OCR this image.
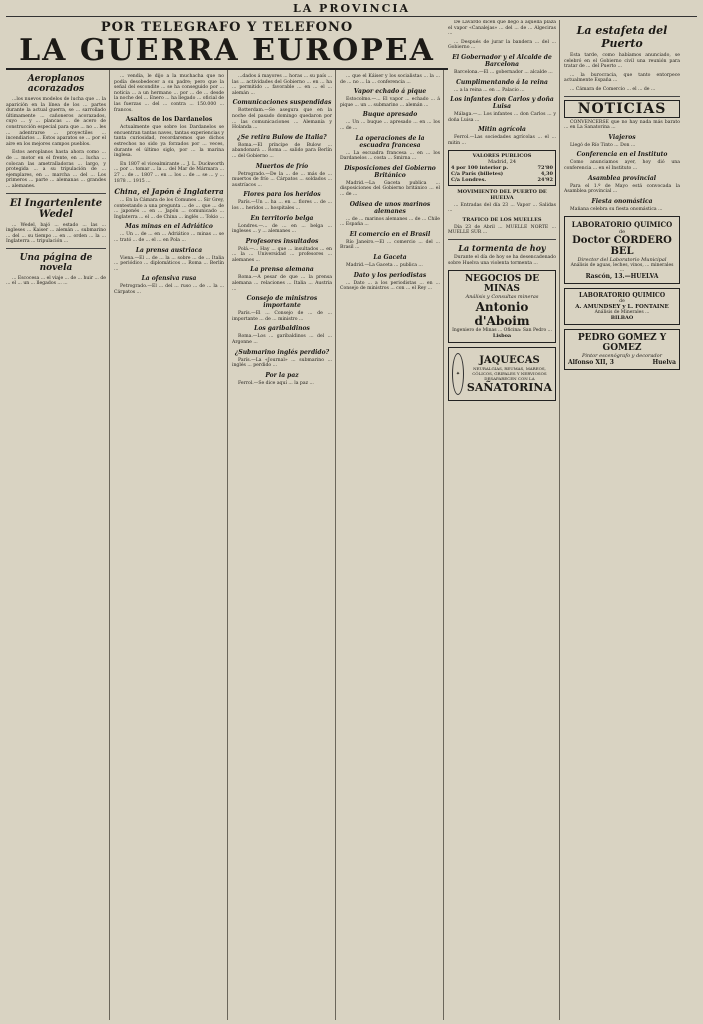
LA PROVINCIA
POR TELEGRAFO Y TELEFONO
LA GUERRA EUROPEA
Aeroplanos acorazados

...los nuevos modelos de lucha que ... la aparición en la línea de los ... partes durante la actual guerra, se ... sarrollado últimamente ... cañoneros acorazados, cuyo ... y ... plancas ... de acero de construcción especial para que ... no ... les ... adentrarse ... proyectiles ... incendiarios ... Estos aparatos se ... por el aire en los mejores campos pueblos.

Estos aeroplanos hasta ahora como ... de ... motor en el frente, en ... lucha ... colocan las ametralladoras ... largo, y protegida ... a su tripulación de ... ejemplares, en ... marcha ... del ... Los primeros ... parte ... alemanas ... grandes ... alemanes.

El Ingartenlente Wedel

... Wedel, bajó ... estado ... las ... ingleses ... Kaiser ... alemán ... submarino ... del ... su tiempo ... en ... orden ... la ... Inglaterra ... tripulación ...

Una página de novela

... Escocesa ... el viaje ... de ... huir ... de ... el ... un ... llegados ... ...

... vendía, le dijo a la muchacha que no podía desobedecer a su padre; pero que la señal del escondite ... se ha conseguido por ... noticia ... a un hermano ... por ... de ... desde la noche del ... Enero ... ha llegado ... oficial de las fuerzas ... del ... contra ... 150.000 ... francos.

Asaltos de los Dardanelos

Actualmente que sobre los Dardanelos se encuentran tantas naves, tantas experiencias y tanta curiosidad, recordaremos que dichos estrechos no sido ya forzados por ... veces, durante el último siglo, por ... la marina inglesa.

En 1807 el vicealmirante ... J. L. Duckworth ... por ... tomar ... la ... del Mar de Mármara ... 27 ... de ... 1807 ... en ... los ... de ... se ... y ... 1878 ... 1915 ...

China, el Japón é Inglaterra

... En la Cámara de los Comunes ... Sir Grey, contestando a una pregunta ... de ... que ... de ... japonés ... en ... Japón ... comunicado ... Inglaterra ... el ... de China ... inglés ... Tokio ...

Mas minas en el Adriático

... Un ... de ... en ... Adriático ... minas ... se ... trató ... de ... el ... en Pola ...

La prensa austriaca

Viena.—El ... de ... la ... sobre ... de ... Italia ... periódico ... diplomáticos ... Roma ... Berlín ...

La ofensiva rusa

Petrogrado.—El ... del ... ruso ... de ... la ... Cárpatos ...

...dados á mayores ... horas ... su país ... las ... actividades del Gobierno ... en ... ha ... permitido ... favorable ... en ... el ... alemán ...

Comunicaciones suspendidas

Rotterdam.—Se asegura que en la noche del pasado domingo quedaron por ... las comunicaciones ... Alemania y Holanda ...

¿Se retira Bulow de Italia?

Roma.—El príncipe de Bulow ... abandonará ... Roma ... salido para Berlín ... del Gobierno ...

Muertos de frío

Petrogrado.—De la ... de ... más de ... muertos de frío ... Cárpatos ... soldados ... austríacos ...

Flores para los heridos

París.—Un ... ha ... en ... flores ... de ... los ... heridos ... hospitales ...

En territorio belga

Londres.—... de ... en ... belga ... ingleses ... y ... alemanes ...

Profesores insultados

Polá.—... Hay ... que ... insultados ... en ... la ... Universidad ... profesores ... alemanes ...

La prensa alemana

Roma.—A pesar de que ... la prensa alemana ... relaciones ... Italia ... Austria ...

Consejo de ministros importante

París.—El ... Consejo de ... de ... importante ... de ... ministro ...

Los garibaldinos

Roma.—Los ... garibaldinos ... del ... Argonne ...

¿Submarino inglés perdido?

París.—La «Journal» ... submarino ... inglés ... perdido ...

Por la paz

Ferrol.—Se dice aquí ... la paz ...

... que el Káiser y los socialistas ... la ... de ... no ... la ... conferencia ...

Vapor echado á pique

Estocolmo.—... El vapor ... echado ... á pique ... un ... submarino ... alemán ...

Buque apresado

... Un ... buque ... apresado ... en ... los ... de ...

La operaciones de la escuadra francesa

... La escuadra francesa ... en ... los Dardanelos ... costa ... Smirna ...

Disposiciones del Gobierno Británico

Madrid.—La Gaceta publica ... disposiciones del Gobierno británico ... el ... de ...

Odisea de unos marinos alemanes

... de ... marinos alemanes ... de ... Chile ... España ...

El comercio en el Brasil

Río Janeiro.—El ... comercio ... del ... Brasil ...

La Gaceta

Madrid.—La Gaceta ... publica ...

Dato y los periodistas

... Dato ... a los periodistas ... en ... Consejo de ministros ... con ... el Rey ...

De Lavardo dicen que llegó á aquella plaza el vapor «Canalejas» ... del ... de ... Algeciras ...

... Después de jurar la bandera ... del ... Gobierno ...

El Gobernador y el Alcalde de Barcelona

Barcelona.—El ... gobernador ... alcalde ...

Cumplimentando á la reina

... a la reina ... en ... Palacio ...

Los infantes don Carlos y doña Luisa

Málaga.—... Los infantes ... don Carlos ... y doña Luisa ...

Mitin agrícola

Ferrol.—Las sociedades agrícolas ... el ... mitin ...

VALORES PUBLICOS
Madrid, 24
4 por 100 interior p.	72'80
C/a París (billetes)	4,30
C/a Londres.	24'92
MOVIMIENTO DEL PUERTO DE HUELVA

... Entradas del día 23 ... Vapor ... Salidas ...

TRAFICO DE LOS MUELLES

Día 23 de Abril ... MUELLE NORTE ... MUELLE SUR ...

La tormenta de hoy

Durante el día de hoy se ha desencadenado sobre Huelva una violenta tormenta ...

NEGOCIOS DE MINAS
Análisis y Consultas mineras
Antonio d'Aboim
Ingeniero de Minas ... Oficina: San Pedro ...
Lisboa
✦
JAQUECAS
NEURALGIAS, REUMAS, MAREOS, CÓLICOS, GRIPALES Y NERVIOSOS DESAPARECEN CON LA
SAÑATORINA
La estafeta del Puerto

Esta tarde, como habíamos anunciado, se celebró en el Gobierno civil una reunión para tratar de ... del Puerto ...

... la burocracia, que tanto entorpece actualmente España ...

... Cámara de Comercio ... el ... de ...

NOTICIAS

CONVENCERSE que no hay nada más barato ... en La Sanatorina ...

Viajeros

Llegó de Río Tinto ... Don ...

Conferencia en el Instituto

Como anunciamos ayer, hoy dió una conferencia ... en el Instituto ...

Asamblea provincial

Para el 1.º de Mayo está convocada la Asamblea provincial ...

Fiesta onomástica

Mañana celebra su fiesta onomástica ...

LABORATORIO QUIMICO
de
Doctor CORDERO BEL
Director del Laboratorio Municipal
Análisis de aguas, leches, vinos, ... minerales ...
Rascón, 13.—HUELVA
LABORATORIO QUIMICO
de
A. AMUNDSEY y L. FONTAINE
Análisis de Minerales ...
BILBAO
PEDRO GOMEZ Y GOMEZ
Pintor escenógrafo y decorador
Alfonso XII, 3	Huelva
